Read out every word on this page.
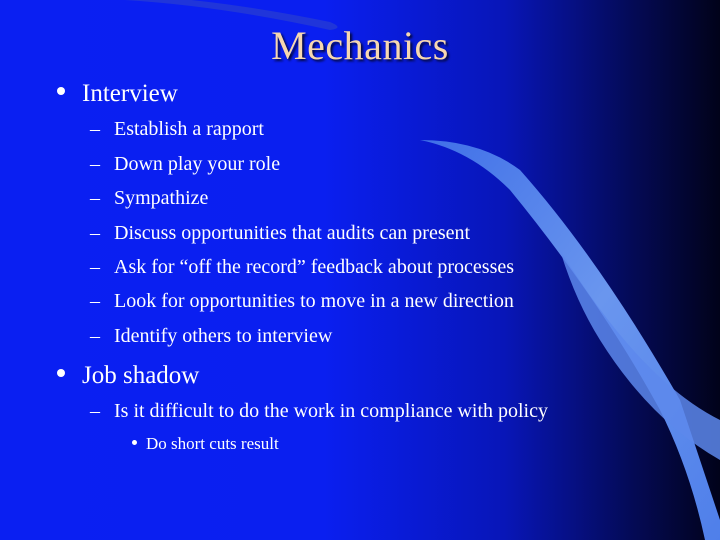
Mechanics
Interview
– Establish a rapport
– Down play your role
– Sympathize
– Discuss opportunities that audits can present
– Ask for “off the record” feedback about processes
– Look for opportunities to move in a new direction
– Identify others to interview
Job shadow
– Is it difficult to do the work in compliance with policy
Do short cuts result
